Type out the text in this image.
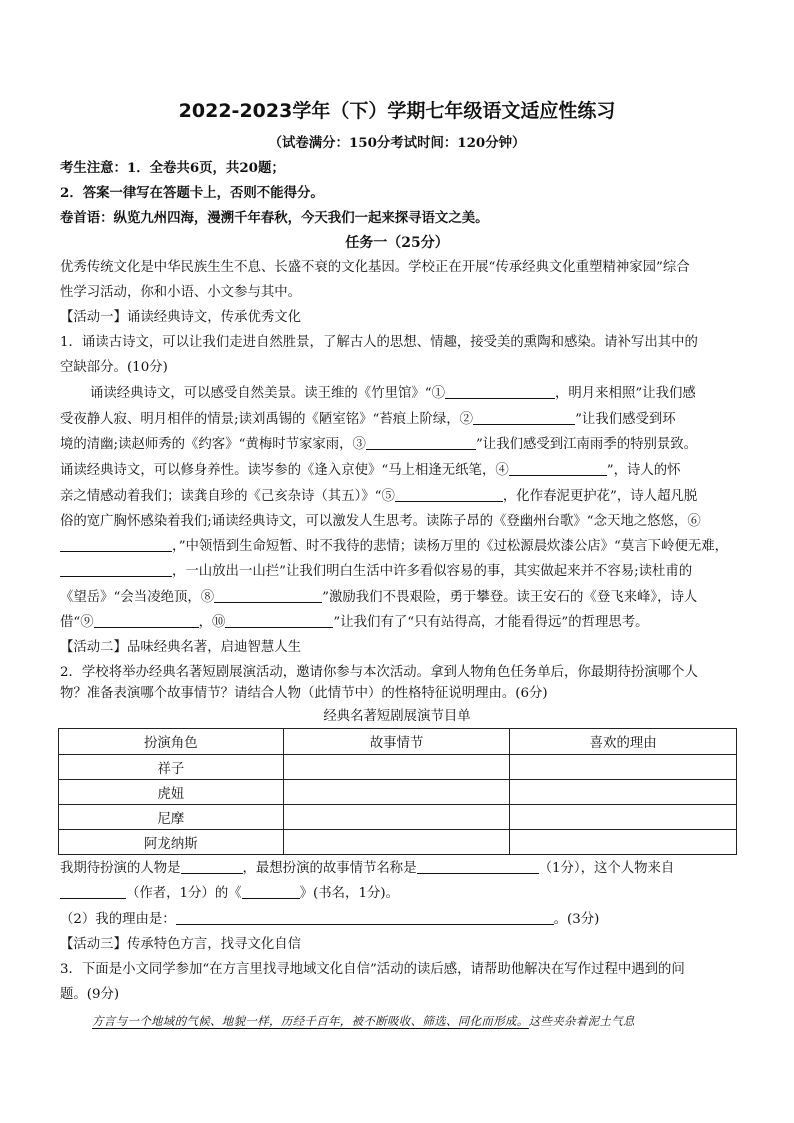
2022-2023学年（下）学期七年级语文适应性练习
（试卷满分：150分考试时间：120分钟）
考生注意：1．全卷共6页，共20题；
2．答案一律写在答题卡上，否则不能得分。
卷首语：纵览九州四海，漫溯千年春秋，今天我们一起来探寻语文之美。
任务一（25分）
优秀传统文化是中华民族生生不息、长盛不衰的文化基因。学校正在开展“传承经典文化重塑精神家园”综合
性学习活动，你和小语、小文参与其中。
【活动一】诵读经典诗文，传承优秀文化
1．诵读古诗文，可以让我们走进自然胜景，了解古人的思想、情趣，接受美的熏陶和感染。请补写出其中的
空缺部分。(10分)
诵读经典诗文，可以感受自然美景。读王维的《竹里馆》“①	，明月来相照”让我们感
受夜静人寂、明月相伴的情景;读刘禹锡的《陋室铭》“苔痕上阶绿，②	”让我们感受到环
境的清幽;读赵师秀的《约客》“黄梅时节家家雨，③	”让我们感受到江南雨季的特别景致。
诵读经典诗文，可以修身养性。读岑参的《逢入京使》“马上相逢无纸笔，④	”，诗人的怀
亲之情感动着我们；读龚自珍的《己亥杂诗（其五）》“⑤	，化作春泥更护花”，诗人超凡脱
俗的宽广胸怀感染着我们;诵读经典诗文，可以激发人生思考。读陈子昂的《登幽州台歌》“念天地之悠悠，⑥
，”中领悟到生命短暂、时不我待的悲情；读杨万里的《过松源晨炊漆公店》“莫言下岭便无难，
，一山放出一山拦”让我们明白生活中许多看似容易的事，其实做起来并不容易;读杜甫的
《望岳》“会当凌绝顶，⑧	”激励我们不畏艰险，勇于攀登。读王安石的《登飞来峰》，诗人
借“⑨	，⑩	”让我们有了“只有站得高，才能看得远”的哲理思考。
【活动二】品味经典名著，启迪智慧人生
2．学校将举办经典名著短剧展演活动，邀请你参与本次活动。拿到人物角色任务单后，你最期待扮演哪个人
物？准备表演哪个故事情节？请结合人物（此情节中）的性格特征说明理由。(6分)
经典名著短剧展演节目单
扮演角色	故事情节	喜欢的理由
祥子		
虎妞		
尼摩		
阿龙纳斯		
我期待扮演的人物是	，最想扮演的故事情节名称是	（1分），这个人物来自
（作者，1分）的《	》(书名，1分)。
（2）我的理由是：	。(3分)
【活动三】传承特色方言，找寻文化自信
3．下面是小文同学参加“在方言里找寻地域文化自信”活动的读后感，请帮助他解决在写作过程中遇到的问
题。(9分)
方言与一个地域的气候、地貌一样，历经千百年，被不断吸收、筛选、同化而形成。这些夹杂着泥土气息
